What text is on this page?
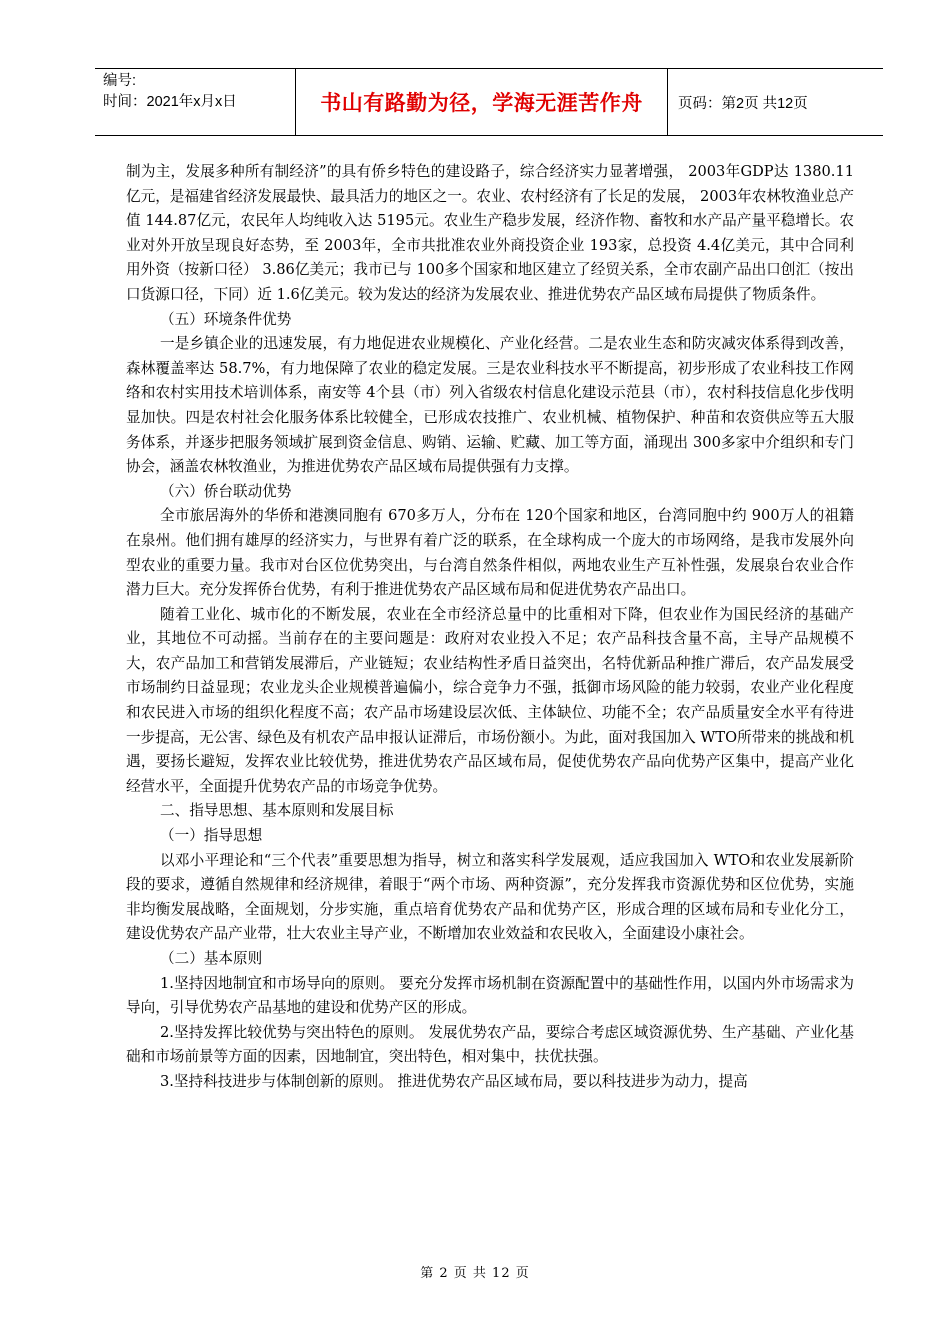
编号:
时间：2021年x月x日	书山有路勤为径，学海无涯苦作舟	页码：第2页 共12页

制为主，发展多种所有制经济”的具有侨乡特色的建设路子，综合经济实力显著增强， 2003年GDP达 1380.11亿元，是福建省经济发展最快、最具活力的地区之一。农业、农村经济有了长足的发展， 2003年农林牧渔业总产值 144.87亿元，农民年人均纯收入达 5195元。农业生产稳步发展，经济作物、畜牧和水产品产量平稳增长。农业对外开放呈现良好态势，至 2003年，全市共批准农业外商投资企业 193家，总投资 4.4亿美元，其中合同利用外资（按新口径） 3.86亿美元；我市已与 100多个国家和地区建立了经贸关系，全市农副产品出口创汇（按出口货源口径，下同）近 1.6亿美元。较为发达的经济为发展农业、推进优势农产品区域布局提供了物质条件。

（五）环境条件优势

一是乡镇企业的迅速发展，有力地促进农业规模化、产业化经营。二是农业生态和防灾减灾体系得到改善，森林覆盖率达 58.7%，有力地保障了农业的稳定发展。三是农业科技水平不断提高，初步形成了农业科技工作网络和农村实用技术培训体系，南安等 4个县（市）列入省级农村信息化建设示范县（市），农村科技信息化步伐明显加快。四是农村社会化服务体系比较健全，已形成农技推广、农业机械、植物保护、种苗和农资供应等五大服务体系，并逐步把服务领域扩展到资金信息、购销、运输、贮藏、加工等方面，涌现出 300多家中介组织和专门协会，涵盖农林牧渔业，为推进优势农产品区域布局提供强有力支撑。

（六）侨台联动优势

全市旅居海外的华侨和港澳同胞有 670多万人，分布在 120个国家和地区，台湾同胞中约 900万人的祖籍在泉州。他们拥有雄厚的经济实力，与世界有着广泛的联系，在全球构成一个庞大的市场网络，是我市发展外向型农业的重要力量。我市对台区位优势突出，与台湾自然条件相似，两地农业生产互补性强，发展泉台农业合作潜力巨大。充分发挥侨台优势，有利于推进优势农产品区域布局和促进优势农产品出口。

随着工业化、城市化的不断发展，农业在全市经济总量中的比重相对下降，但农业作为国民经济的基础产业，其地位不可动摇。当前存在的主要问题是：政府对农业投入不足；农产品科技含量不高，主导产品规模不大，农产品加工和营销发展滞后，产业链短；农业结构性矛盾日益突出，名特优新品种推广滞后，农产品发展受市场制约日益显现；农业龙头企业规模普遍偏小，综合竞争力不强，抵御市场风险的能力较弱，农业产业化程度和农民进入市场的组织化程度不高；农产品市场建设层次低、主体缺位、功能不全；农产品质量安全水平有待进一步提高，无公害、绿色及有机农产品申报认证滞后，市场份额小。为此，面对我国加入 WTO所带来的挑战和机遇，要扬长避短，发挥农业比较优势，推进优势农产品区域布局，促使优势农产品向优势产区集中，提高产业化经营水平，全面提升优势农产品的市场竞争优势。

二、指导思想、基本原则和发展目标

（一）指导思想

以邓小平理论和“三个代表”重要思想为指导，树立和落实科学发展观，适应我国加入 WTO和农业发展新阶段的要求，遵循自然规律和经济规律，着眼于“两个市场、两种资源”，充分发挥我市资源优势和区位优势，实施非均衡发展战略，全面规划，分步实施，重点培育优势农产品和优势产区，形成合理的区域布局和专业化分工，建设优势农产品产业带，壮大农业主导产业，不断增加农业效益和农民收入，全面建设小康社会。

（二）基本原则

1.坚持因地制宜和市场导向的原则。 要充分发挥市场机制在资源配置中的基础性作用，以国内外市场需求为导向，引导优势农产品基地的建设和优势产区的形成。

2.坚持发挥比较优势与突出特色的原则。 发展优势农产品，要综合考虑区域资源优势、生产基础、产业化基础和市场前景等方面的因素，因地制宜，突出特色，相对集中，扶优扶强。

3.坚持科技进步与体制创新的原则。 推进优势农产品区域布局，要以科技进步为动力，提高

第 2 页 共 12 页
